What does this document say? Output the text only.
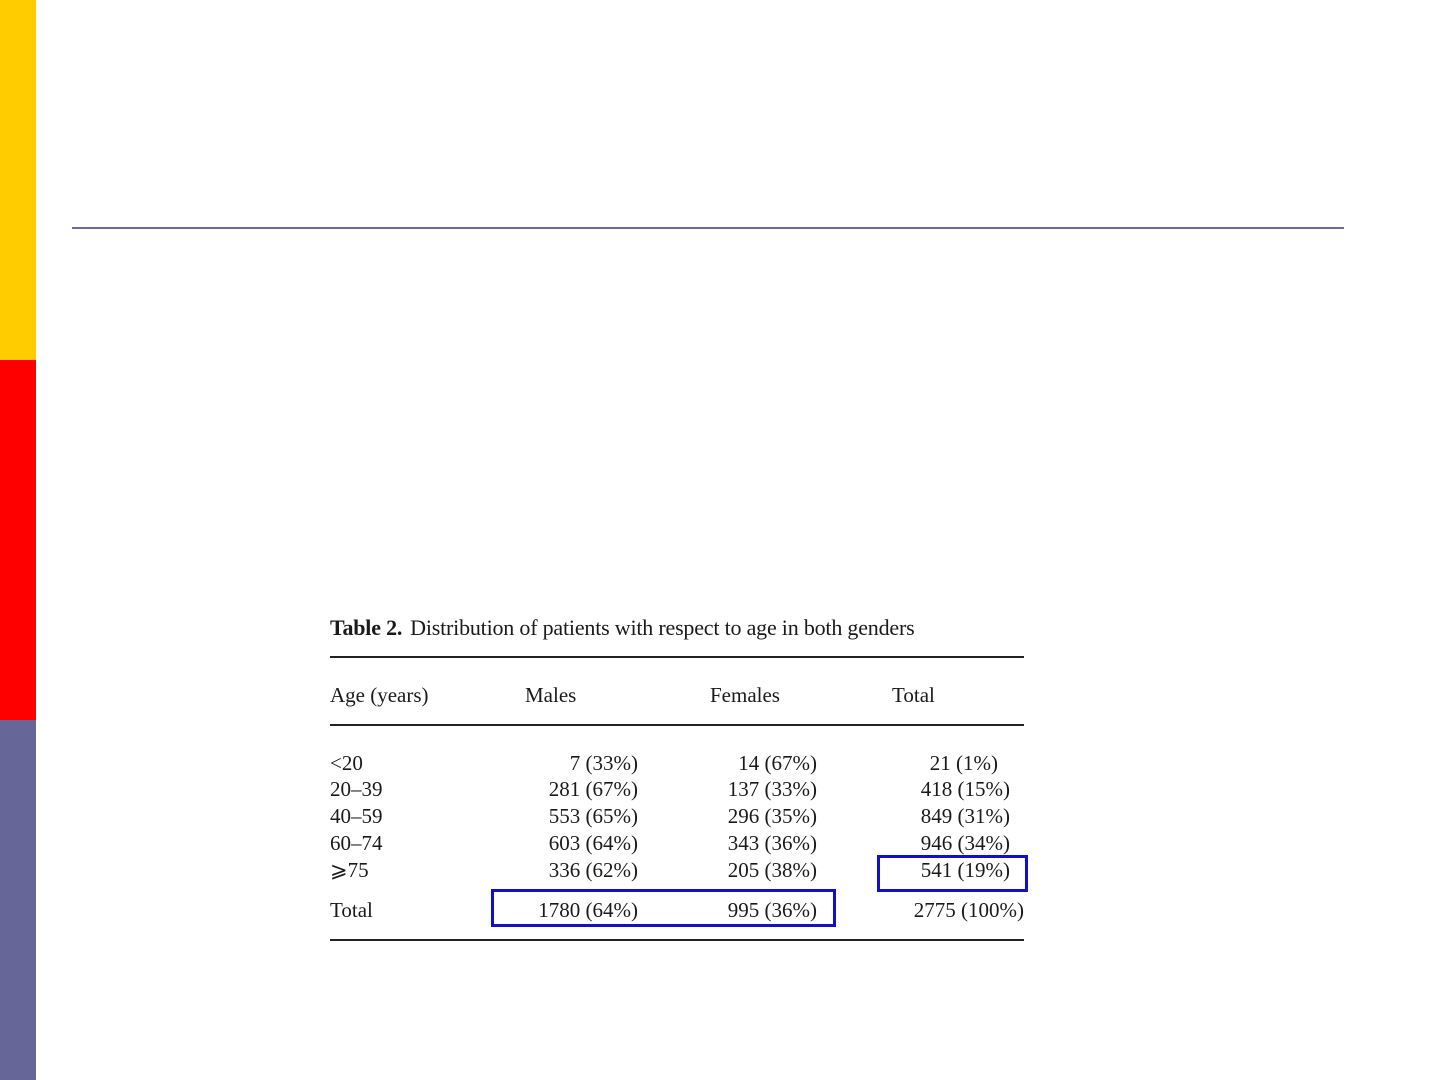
Table 2. Distribution of patients with respect to age in both genders
Age (years)	Males	Females	Total
<20	7 (33%)	14 (67%)	21 (1%)
20–39	281 (67%)	137 (33%)	418 (15%)
40–59	553 (65%)	296 (35%)	849 (31%)
60–74	603 (64%)	343 (36%)	946 (34%)
⩾75	336 (62%)	205 (38%)	541 (19%)
Total	1780 (64%)	995 (36%)	2775 (100%)
